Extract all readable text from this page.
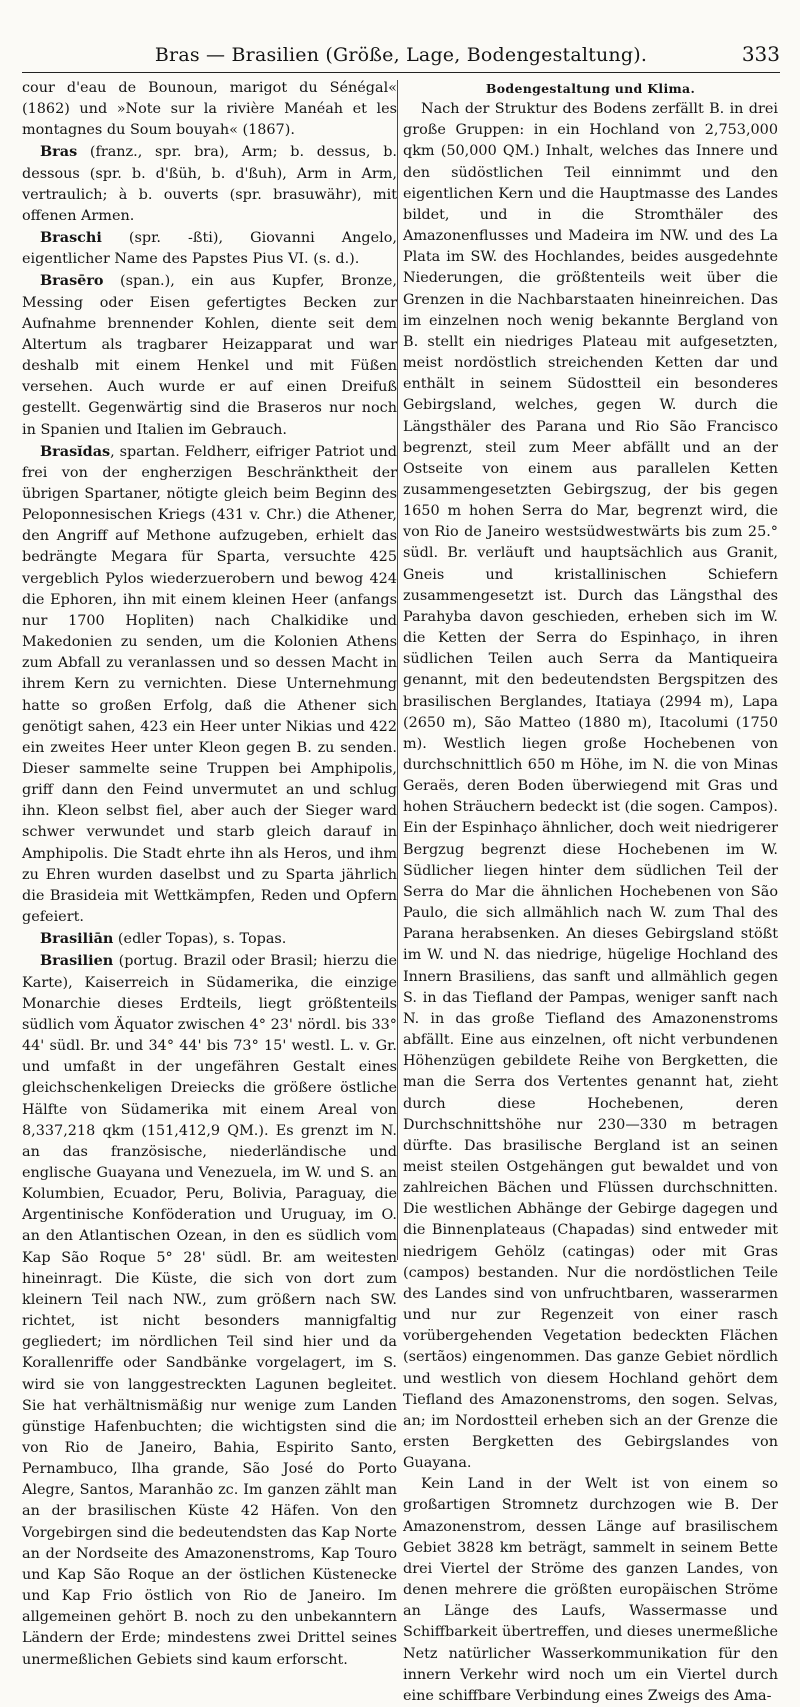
Bras — Brasilien (Größe, Lage, Bodengestaltung).	333

cour d'eau de Bounoun, marigot du Sénégal« (1862) und »Note sur la rivière Manéah et les montagnes du Soum bouyah« (1867).

Bras (franz., spr. bra), Arm; b. dessus, b. dessous (spr. b. d'ßüh, b. d'ßuh), Arm in Arm, vertraulich; à b. ouverts (spr. brasuwähr), mit offenen Armen.

Braschi (spr. -ßti), Giovanni Angelo, eigentlicher Name des Papstes Pius VI. (s. d.).

Brasēro (span.), ein aus Kupfer, Bronze, Messing oder Eisen gefertigtes Becken zur Aufnahme brennender Kohlen, diente seit dem Altertum als tragbarer Heizapparat und war deshalb mit einem Henkel und mit Füßen versehen. Auch wurde er auf einen Dreifuß gestellt. Gegenwärtig sind die Braseros nur noch in Spanien und Italien im Gebrauch.

Brasĭdas, spartan. Feldherr, eifriger Patriot und frei von der engherzigen Beschränktheit der übrigen Spartaner, nötigte gleich beim Beginn des Peloponnesischen Kriegs (431 v. Chr.) die Athener, den Angriff auf Methone aufzugeben, erhielt das bedrängte Megara für Sparta, versuchte 425 vergeblich Pylos wiederzuerobern und bewog 424 die Ephoren, ihn mit einem kleinen Heer (anfangs nur 1700 Hopliten) nach Chalkidike und Makedonien zu senden, um die Kolonien Athens zum Abfall zu veranlassen und so dessen Macht in ihrem Kern zu vernichten. Diese Unternehmung hatte so großen Erfolg, daß die Athener sich genötigt sahen, 423 ein Heer unter Nikias und 422 ein zweites Heer unter Kleon gegen B. zu senden. Dieser sammelte seine Truppen bei Amphipolis, griff dann den Feind unvermutet an und schlug ihn. Kleon selbst fiel, aber auch der Sieger ward schwer verwundet und starb gleich darauf in Amphipolis. Die Stadt ehrte ihn als Heros, und ihm zu Ehren wurden daselbst und zu Sparta jährlich die Brasideia mit Wettkämpfen, Reden und Opfern gefeiert.

Brasiliān (edler Topas), s. Topas.

Brasilien (portug. Brazil oder Brasil; hierzu die Karte), Kaiserreich in Südamerika, die einzige Monarchie dieses Erdteils, liegt größtenteils südlich vom Äquator zwischen 4° 23' nördl. bis 33° 44' südl. Br. und 34° 44' bis 73° 15' westl. L. v. Gr. und umfaßt in der ungefähren Gestalt eines gleichschenkeligen Dreiecks die größere östliche Hälfte von Südamerika mit einem Areal von 8,337,218 qkm (151,412,9 QM.). Es grenzt im N. an das französische, niederländische und englische Guayana und Venezuela, im W. und S. an Kolumbien, Ecuador, Peru, Bolivia, Paraguay, die Argentinische Konföderation und Uruguay, im O. an den Atlantischen Ozean, in den es südlich vom Kap São Roque 5° 28' südl. Br. am weitesten hineinragt. Die Küste, die sich von dort zum kleinern Teil nach NW., zum größern nach SW. richtet, ist nicht besonders mannigfaltig gegliedert; im nördlichen Teil sind hier und da Korallenriffe oder Sandbänke vorgelagert, im S. wird sie von langgestreckten Lagunen begleitet. Sie hat verhältnismäßig nur wenige zum Landen günstige Hafenbuchten; die wichtigsten sind die von Rio de Janeiro, Bahia, Espirito Santo, Pernambuco, Ilha grande, São José do Porto Alegre, Santos, Maranhão zc. Im ganzen zählt man an der brasilischen Küste 42 Häfen. Von den Vorgebirgen sind die bedeutendsten das Kap Norte an der Nordseite des Amazonenstroms, Kap Touro und Kap São Roque an der östlichen Küstenecke und Kap Frio östlich von Rio de Janeiro. Im allgemeinen gehört B. noch zu den unbekanntern Ländern der Erde; mindestens zwei Drittel seines unermeßlichen Gebiets sind kaum erforscht.

Bodengestaltung und Klima.

Nach der Struktur des Bodens zerfällt B. in drei große Gruppen: in ein Hochland von 2,753,000 qkm (50,000 QM.) Inhalt, welches das Innere und den südöstlichen Teil einnimmt und den eigentlichen Kern und die Hauptmasse des Landes bildet, und in die Stromthäler des Amazonenflusses und Madeira im NW. und des La Plata im SW. des Hochlandes, beides ausgedehnte Niederungen, die größtenteils weit über die Grenzen in die Nachbarstaaten hineinreichen. Das im einzelnen noch wenig bekannte Bergland von B. stellt ein niedriges Plateau mit aufgesetzten, meist nordöstlich streichenden Ketten dar und enthält in seinem Südostteil ein besonderes Gebirgsland, welches, gegen W. durch die Längsthäler des Parana und Rio São Francisco begrenzt, steil zum Meer abfällt und an der Ostseite von einem aus parallelen Ketten zusammengesetzten Gebirgszug, der bis gegen 1650 m hohen Serra do Mar, begrenzt wird, die von Rio de Janeiro westsüdwestwärts bis zum 25.° südl. Br. verläuft und hauptsächlich aus Granit, Gneis und kristallinischen Schiefern zusammengesetzt ist. Durch das Längsthal des Parahyba davon geschieden, erheben sich im W. die Ketten der Serra do Espinhaço, in ihren südlichen Teilen auch Serra da Mantiqueira genannt, mit den bedeutendsten Bergspitzen des brasilischen Berglandes, Itatiaya (2994 m), Lapa (2650 m), São Matteo (1880 m), Itacolumi (1750 m). Westlich liegen große Hochebenen von durchschnittlich 650 m Höhe, im N. die von Minas Geraës, deren Boden überwiegend mit Gras und hohen Sträuchern bedeckt ist (die sogen. Campos). Ein der Espinhaço ähnlicher, doch weit niedrigerer Bergzug begrenzt diese Hochebenen im W. Südlicher liegen hinter dem südlichen Teil der Serra do Mar die ähnlichen Hochebenen von São Paulo, die sich allmählich nach W. zum Thal des Parana herabsenken. An dieses Gebirgsland stößt im W. und N. das niedrige, hügelige Hochland des Innern Brasiliens, das sanft und allmählich gegen S. in das Tiefland der Pampas, weniger sanft nach N. in das große Tiefland des Amazonenstroms abfällt. Eine aus einzelnen, oft nicht verbundenen Höhenzügen gebildete Reihe von Bergketten, die man die Serra dos Vertentes genannt hat, zieht durch diese Hochebenen, deren Durchschnittshöhe nur 230—330 m betragen dürfte. Das brasilische Bergland ist an seinen meist steilen Ostgehängen gut bewaldet und von zahlreichen Bächen und Flüssen durchschnitten. Die westlichen Abhänge der Gebirge dagegen und die Binnenplateaus (Chapadas) sind entweder mit niedrigem Gehölz (catingas) oder mit Gras (campos) bestanden. Nur die nordöstlichen Teile des Landes sind von unfruchtbaren, wasserarmen und nur zur Regenzeit von einer rasch vorübergehenden Vegetation bedeckten Flächen (sertãos) eingenommen. Das ganze Gebiet nördlich und westlich von diesem Hochland gehört dem Tiefland des Amazonenstroms, den sogen. Selvas, an; im Nordostteil erheben sich an der Grenze die ersten Bergketten des Gebirgslandes von Guayana.

Kein Land in der Welt ist von einem so großartigen Stromnetz durchzogen wie B. Der Amazonenstrom, dessen Länge auf brasilischem Gebiet 3828 km beträgt, sammelt in seinem Bette drei Viertel der Ströme des ganzen Landes, von denen mehrere die größten europäischen Ströme an Länge des Laufs, Wassermasse und Schiffbarkeit übertreffen, und dieses unermeßliche Netz natürlicher Wasserkommunikation für den innern Verkehr wird noch um ein Viertel durch eine schiffbare Verbindung eines Zweigs des Ama-
